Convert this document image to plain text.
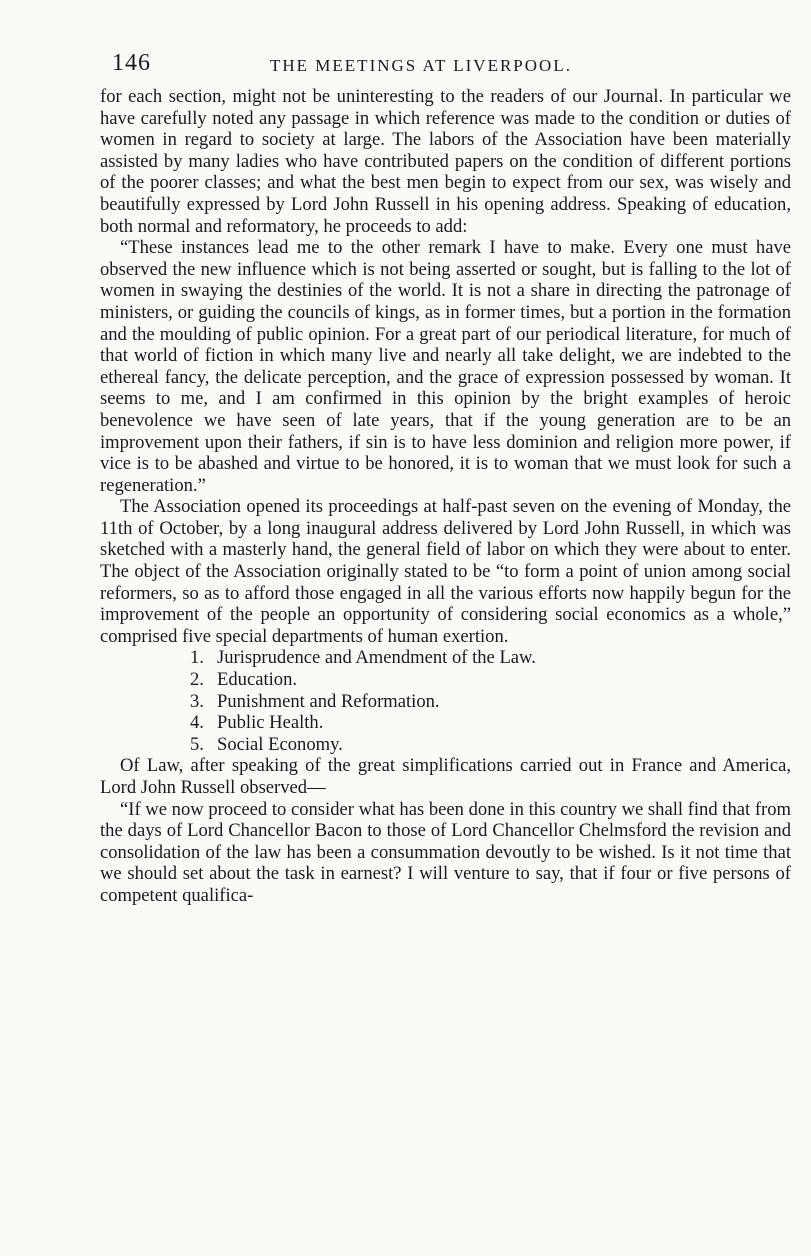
146	THE MEETINGS AT LIVERPOOL.

for each section, might not be uninteresting to the readers of our Journal. In particular we have carefully noted any passage in which reference was made to the condition or duties of women in regard to society at large. The labors of the Association have been materially assisted by many ladies who have contributed papers on the condition of different portions of the poorer classes; and what the best men begin to expect from our sex, was wisely and beautifully expressed by Lord John Russell in his opening address. Speaking of education, both normal and reformatory, he proceeds to add:

“These instances lead me to the other remark I have to make. Every one must have observed the new influence which is not being asserted or sought, but is falling to the lot of women in swaying the destinies of the world. It is not a share in directing the patronage of ministers, or guiding the councils of kings, as in former times, but a portion in the formation and the moulding of public opinion. For a great part of our periodical literature, for much of that world of fiction in which many live and nearly all take delight, we are indebted to the ethereal fancy, the delicate perception, and the grace of expression possessed by woman. It seems to me, and I am confirmed in this opinion by the bright examples of heroic benevolence we have seen of late years, that if the young generation are to be an improvement upon their fathers, if sin is to have less dominion and religion more power, if vice is to be abashed and virtue to be honored, it is to woman that we must look for such a regeneration.”

The Association opened its proceedings at half-past seven on the evening of Monday, the 11th of October, by a long inaugural address delivered by Lord John Russell, in which was sketched with a masterly hand, the general field of labor on which they were about to enter. The object of the Association originally stated to be “to form a point of union among social reformers, so as to afford those engaged in all the various efforts now happily begun for the improvement of the people an opportunity of considering social economics as a whole,” comprised five special departments of human exertion.

1. Jurisprudence and Amendment of the Law.
2. Education.
3. Punishment and Reformation.
4. Public Health.
5. Social Economy.

Of Law, after speaking of the great simplifications carried out in France and America, Lord John Russell observed—

“If we now proceed to consider what has been done in this country we shall find that from the days of Lord Chancellor Bacon to those of Lord Chancellor Chelmsford the revision and consolidation of the law has been a consummation devoutly to be wished. Is it not time that we should set about the task in earnest? I will venture to say, that if four or five persons of competent qualifica-
